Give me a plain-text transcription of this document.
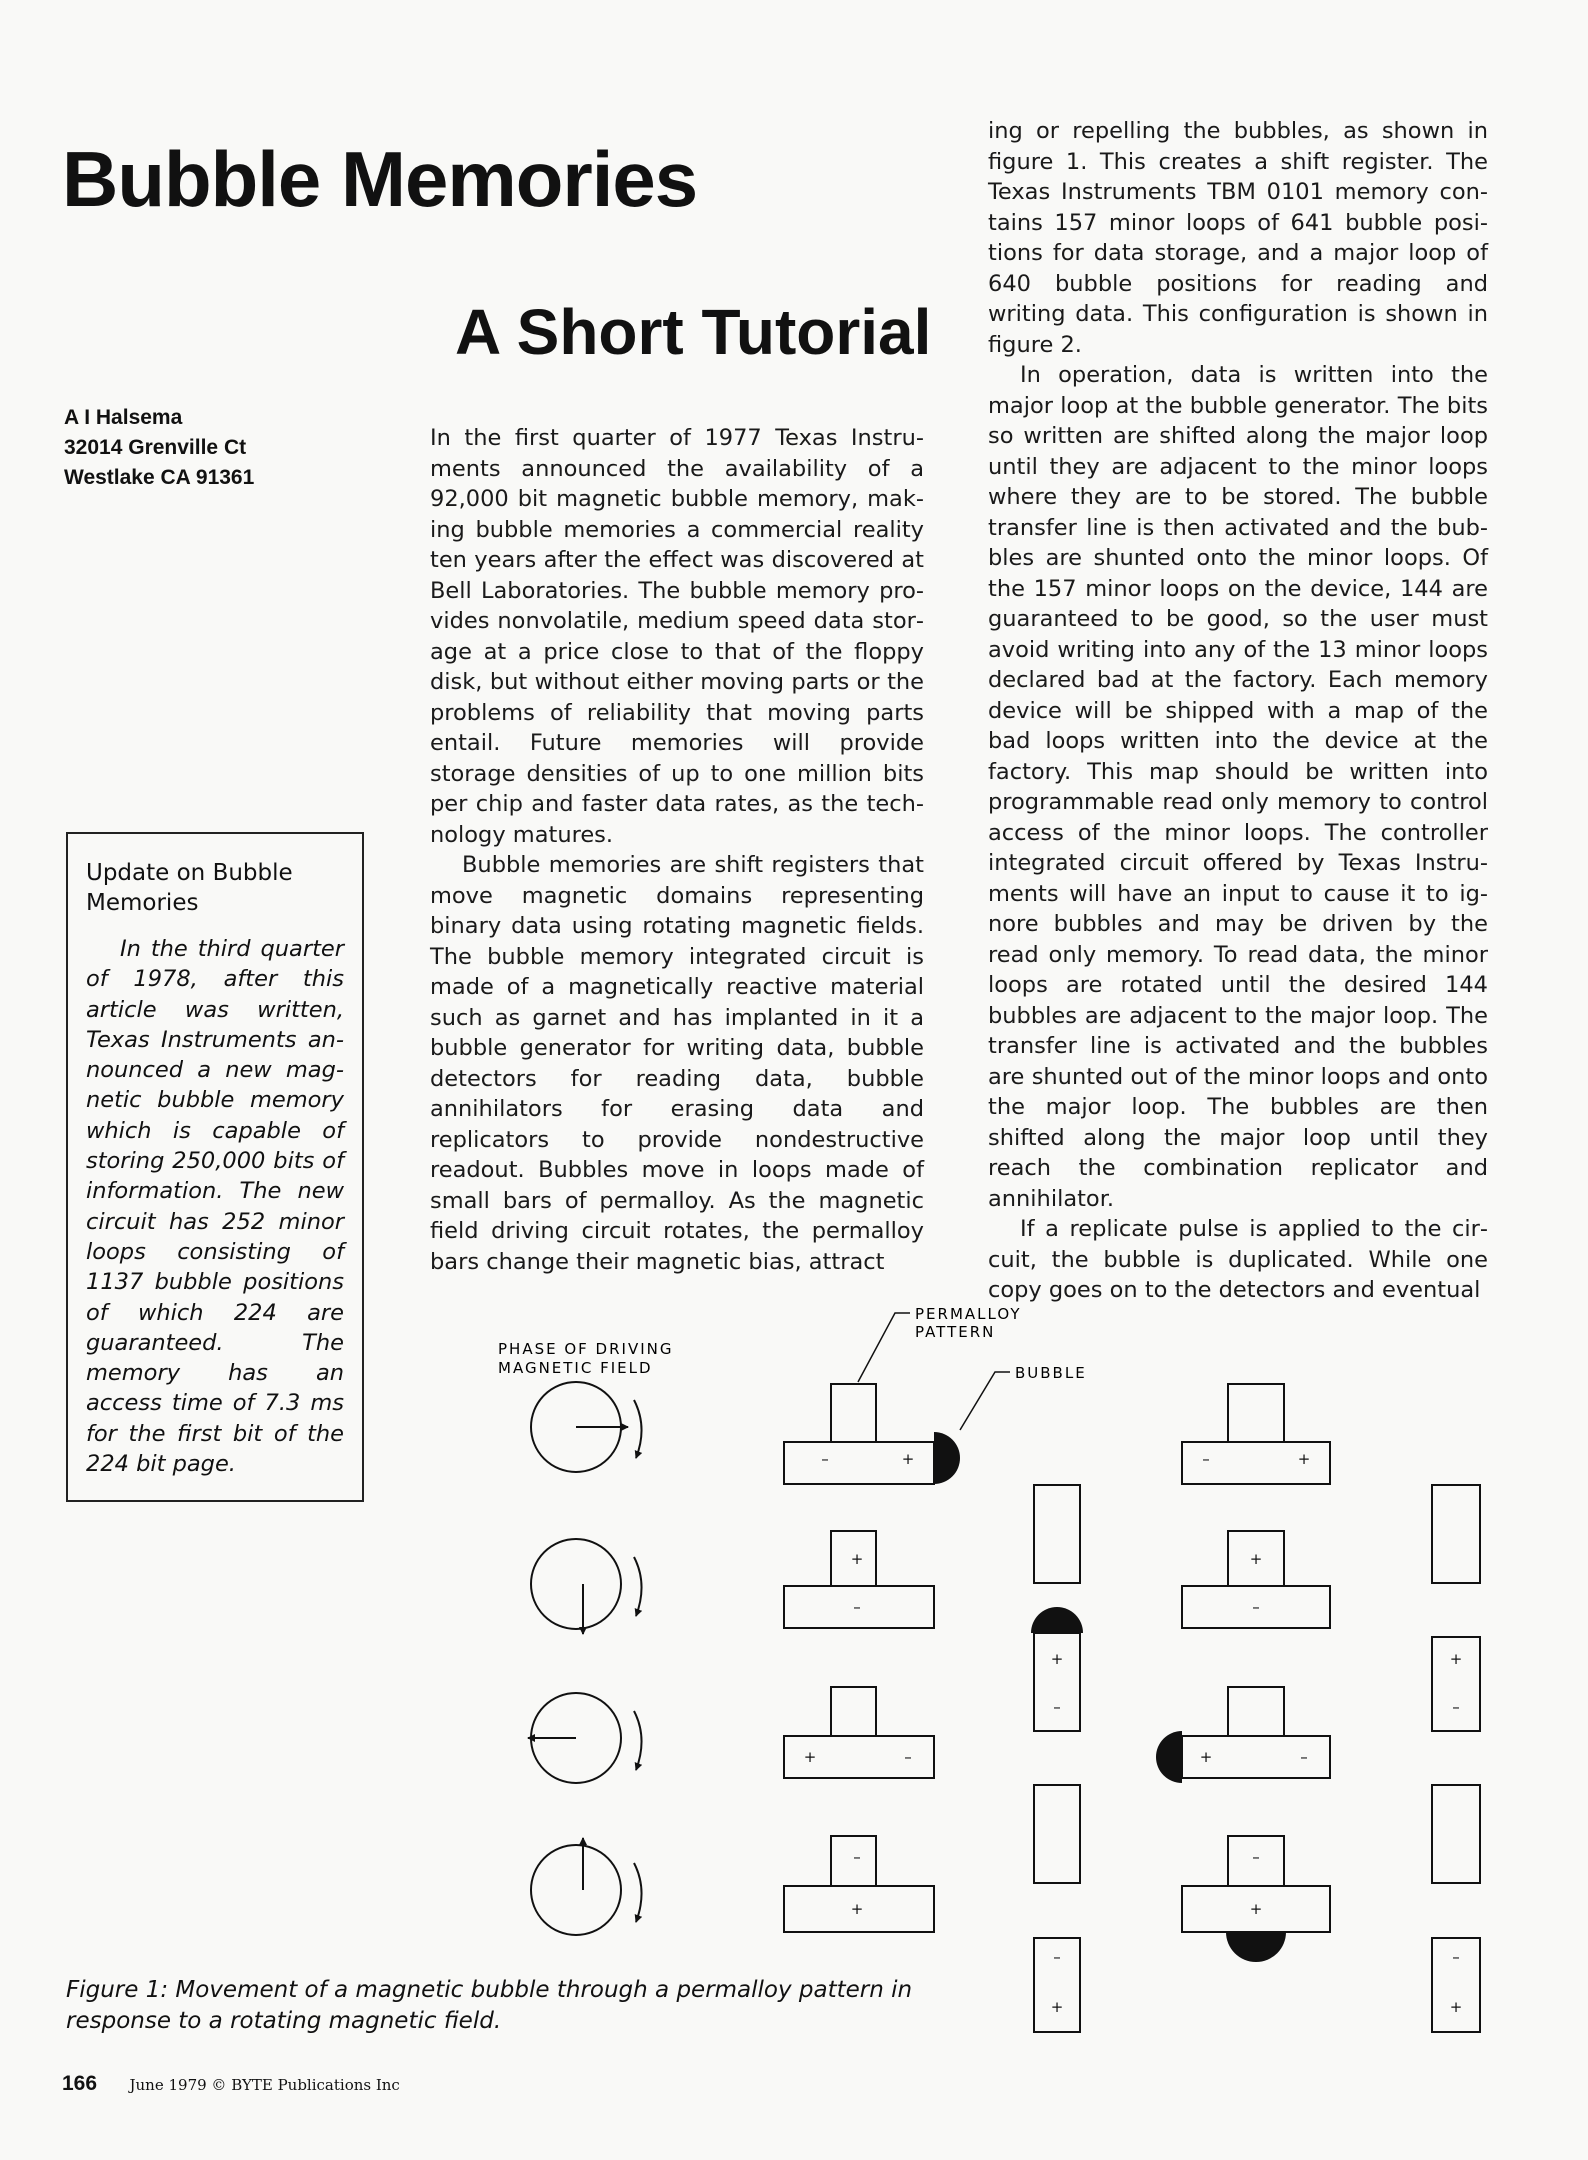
Bubble Memories
A Short Tutorial
A I Halsema
32014 Grenville Ct
Westlake CA 91361

In the first quarter of 1977 Texas Instruments announced the availability of a 92,000 bit magnetic bubble memory, making bubble memories a commercial reality ten years after the effect was discovered at Bell Laboratories. The bubble memory provides nonvolatile, medium speed data storage at a price close to that of the floppy disk, but without either moving parts or the problems of reliability that moving parts entail. Future memories will provide storage densities of up to one million bits per chip and faster data rates, as the technology matures.

Bubble memories are shift registers that move magnetic domains representing binary data using rotating magnetic fields. The bubble memory integrated circuit is made of a magnetically reactive material such as garnet and has implanted in it a bubble generator for writing data, bubble detectors for reading data, bubble annihilators for erasing data and replicators to provide nondestructive readout. Bubbles move in loops made of small bars of permalloy. As the magnetic field driving circuit rotates, the permalloy bars change their magnetic bias, attract

ing or repelling the bubbles, as shown in figure 1. This creates a shift register. The Texas Instruments TBM 0101 memory contains 157 minor loops of 641 bubble positions for data storage, and a major loop of 640 bubble positions for reading and writing data. This configuration is shown in figure 2.

In operation, data is written into the major loop at the bubble generator. The bits so written are shifted along the major loop until they are adjacent to the minor loops where they are to be stored. The bubble transfer line is then activated and the bubbles are shunted onto the minor loops. Of the 157 minor loops on the device, 144 are guaranteed to be good, so the user must avoid writing into any of the 13 minor loops declared bad at the factory. Each memory device will be shipped with a map of the bad loops written into the device at the factory. This map should be written into programmable read only memory to control access of the minor loops. The controller integrated circuit offered by Texas Instruments will have an input to cause it to ignore bubbles and may be driven by the read only memory. To read data, the minor loops are rotated until the desired 144 bubbles are adjacent to the major loop. The transfer line is activated and the bubbles are shunted out of the minor loops and onto the major loop. The bubbles are then shifted along the major loop until they reach the combination replicator and annihilator.

If a replicate pulse is applied to the circuit, the bubble is duplicated. While one copy goes on to the detectors and eventual

Update on Bubble
Memories

In the third quarter of 1978, after this article was written, Texas Instruments announced a new magnetic bubble memory which is capable of storing 250,000 bits of information. The new circuit has 252 minor loops consisting of 1137 bubble positions of which 224 are guaranteed. The memory has an access time of 7.3 ms for the first bit of the 224 bit page.

PHASE OF DRIVING
MAGNETIC FIELD
PERMALLOY
PATTERN
BUBBLE
–	+
+
–
+	–
–
+
+
–
–
+
–	+
+
–
+	–
–
+
+
–
–
+
Figure 1: Movement of a magnetic bubble through a permalloy pattern in response to a rotating magnetic field.
166 June 1979 © BYTE Publications Inc
